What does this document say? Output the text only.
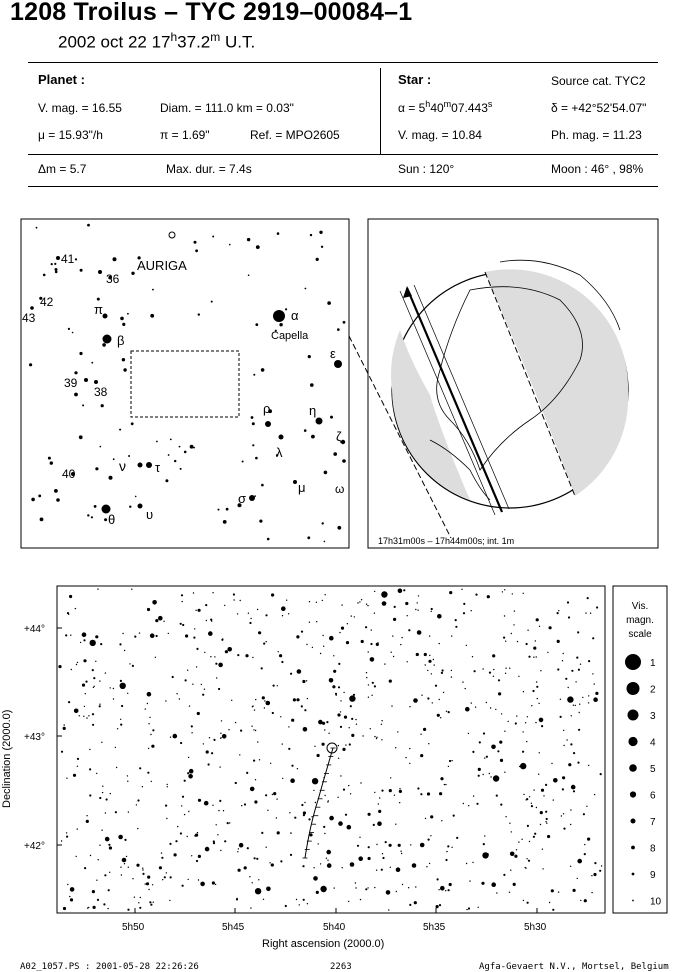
1208 Troilus – TYC 2919–00084–1
2002 oct 22 17$^h$37.2$^m$ U.T.
Planet :
V. mag. = 16.55	Diam. = 111.0 km = 0.03"
μ = 15.93"/h	π = 1.69"	Ref. = MPO2605
Δm = 5.7	Max. dur. = 7.4s
Star :	Source cat. TYC2
$\alpha = 5^h40^m07.443^s$	δ = +42°52'54.07"
V. mag. = 10.84	Ph. mag. = 11.23
Sun : 120°	Moon : 46° , 98%
AURIGA
41
36
42
43
π
β
α
Capella
ε
39
38
ρ	η
ζ
λ
40	ν τ
σ
μ ω
θ υ
17h31m00s – 17h44m00s; int. 1m
+44°
+43°
+42°
5h50	5h45	5h40	5h35	5h30
Right ascension (2000.0)
Declination (2000.0)
Vis.
magn.
scale
1
2
3
4
5
6
7
8
9
10
A02_1057.PS : 2001-05-28 22:26:26	2263	Agfa-Gevaert N.V., Mortsel, Belgium
